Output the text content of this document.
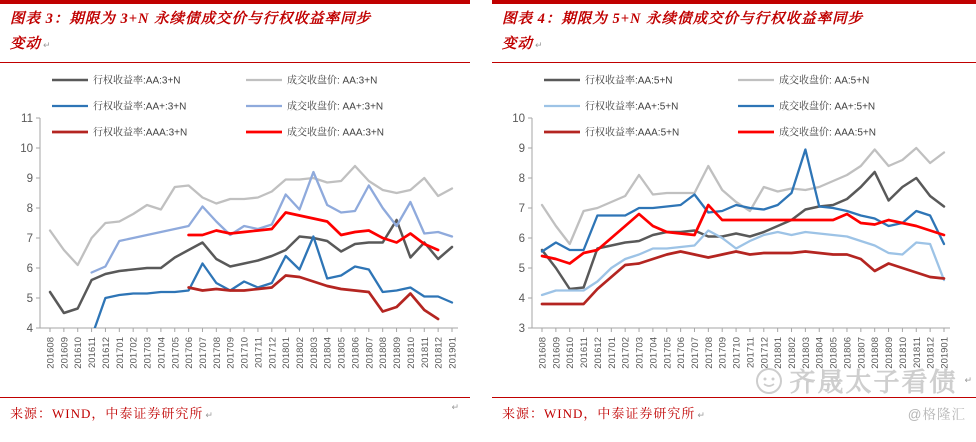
图表 3：期限为 3+N 永续债成交价与行权收益率同步
变动 ↵
4
5
6
7
8
9
10
11
201608 201609 201610 201611 201612 201701 201702 201703 201704 201705 201706 201707 201708 201709 201710 201711 201712 201801 201802 201803 201804 201805 201806 201807 201808 201809 201810 201811 201812 201901
行权收益率:AA:3+N
行权收益率:AA+:3+N
行权收益率:AAA:3+N
成交收盘价: AA:3+N
成交收盘价: AA+:3+N
成交收盘价: AAA:3+N
来源：WIND，中泰证券研究所 ↵
↵
图表 4：期限为 5+N 永续债成交价与行权收益率同步
变动 ↵
3
4
5
6
7
8
9
10
201608 201609 201610 201611 201612 201701 201702 201703 201704 201705 201706 201707 201708 201709 201710 201711 201712 201801 201802 201803 201804 201805 201806 201807 201808 201809 201810 201811 201812 201901
行权收益率:AA:5+N
行权收益率:AA+:5+N
行权收益率:AAA:5+N
成交收盘价: AA:5+N
成交收盘价: AA+:5+N
成交收盘价: AAA:5+N
来源：WIND，中泰证券研究所 ↵	@格隆汇
齐晟太子看债 ↵
